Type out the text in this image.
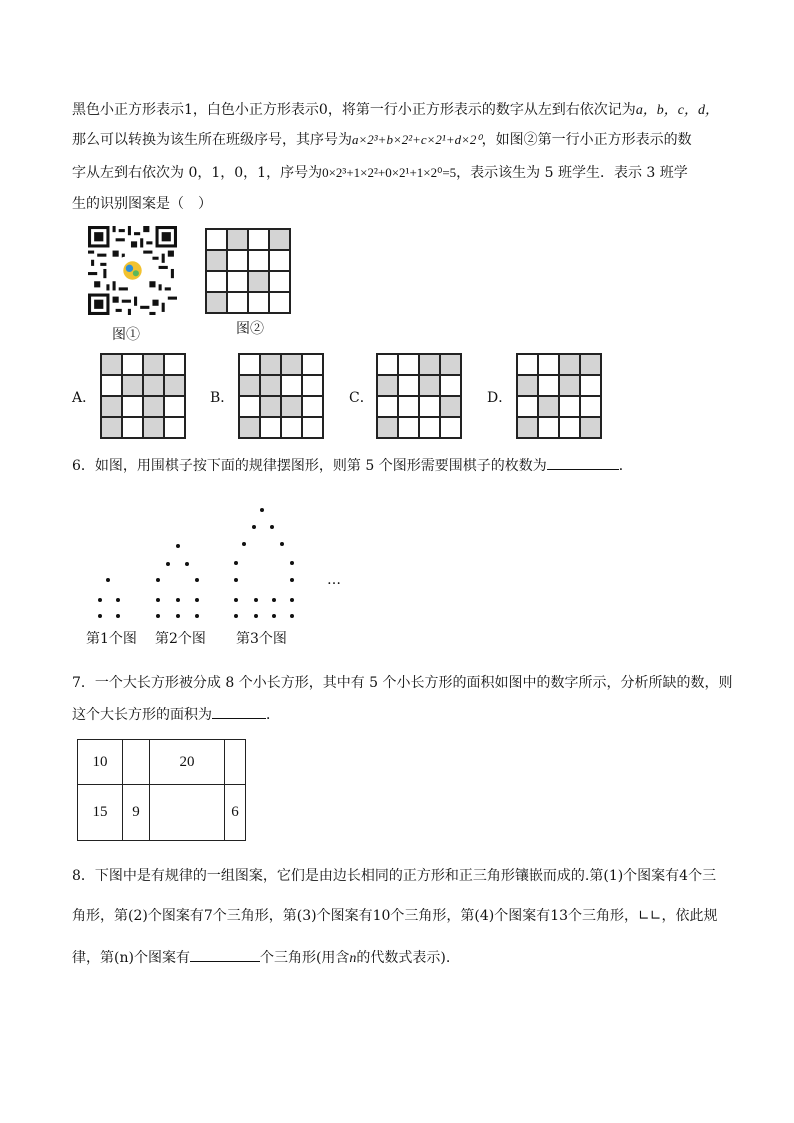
黑色小正方形表示1，白色小正方形表示0，将第一行小正方形表示的数字从左到右依次记为a，b，c，d，
那么可以转换为该生所在班级序号，其序号为a×2³+b×2²+c×2¹+d×2⁰，如图②第一行小正方形表示的数
字从左到右依次为 0，1，0，1，序号为0×2³+1×2²+0×2¹+1×2⁰=5，表示该生为 5 班学生．表示 3 班学
生的识别图案是（　）
图①	图②
A．	B．	C．	D．
6．如图，用围棋子按下面的规律摆图形，则第 5 个图形需要围棋子的枚数为	．
第1个图 第2个图 第3个图
…
7．一个大长方形被分成 8 个小长方形，其中有 5 个小长方形的面积如图中的数字所示，分析所缺的数，则
这个大长方形的面积为	．
10		20	
15	9		6
8．下图中是有规律的一组图案，它们是由边长相同的正方形和正三角形镶嵌而成的.第(1)个图案有4个三
角形，第(2)个图案有7个三角形，第(3)个图案有10个三角形，第(4)个图案有13个三角形，∟∟，依此规
律，第(n)个图案有	个三角形(用含n的代数式表示).
